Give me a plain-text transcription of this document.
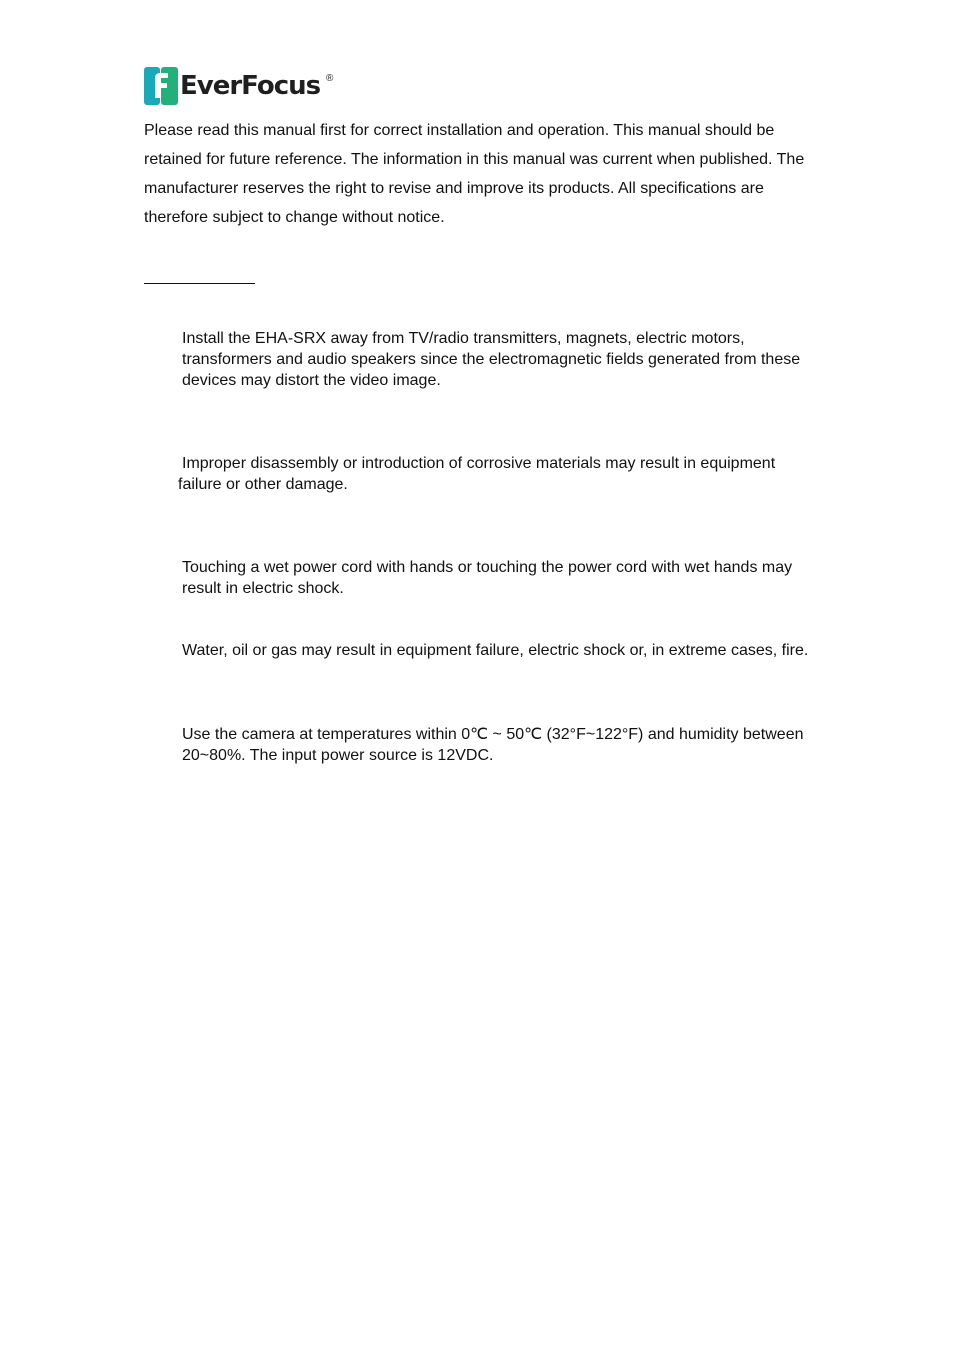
EverFocus ®

Please read this manual first for correct installation and operation. This manual should be retained for future reference. The information in this manual was current when published. The manufacturer reserves the right to revise and improve its products. All specifications are therefore subject to change without notice.

Install the EHA-SRX away from TV/radio transmitters, magnets, electric motors, transformers and audio speakers since the electromagnetic fields generated from these devices may distort the video image.

Improper disassembly or introduction of corrosive materials may result in equipment
failure or other damage.

Touching a wet power cord with hands or touching the power cord with wet hands may result in electric shock.

Water, oil or gas may result in equipment failure, electric shock or, in extreme cases, fire.

Use the camera at temperatures within 0℃ ~ 50℃ (32°F~122°F) and humidity between 20~80%. The input power source is 12VDC.
